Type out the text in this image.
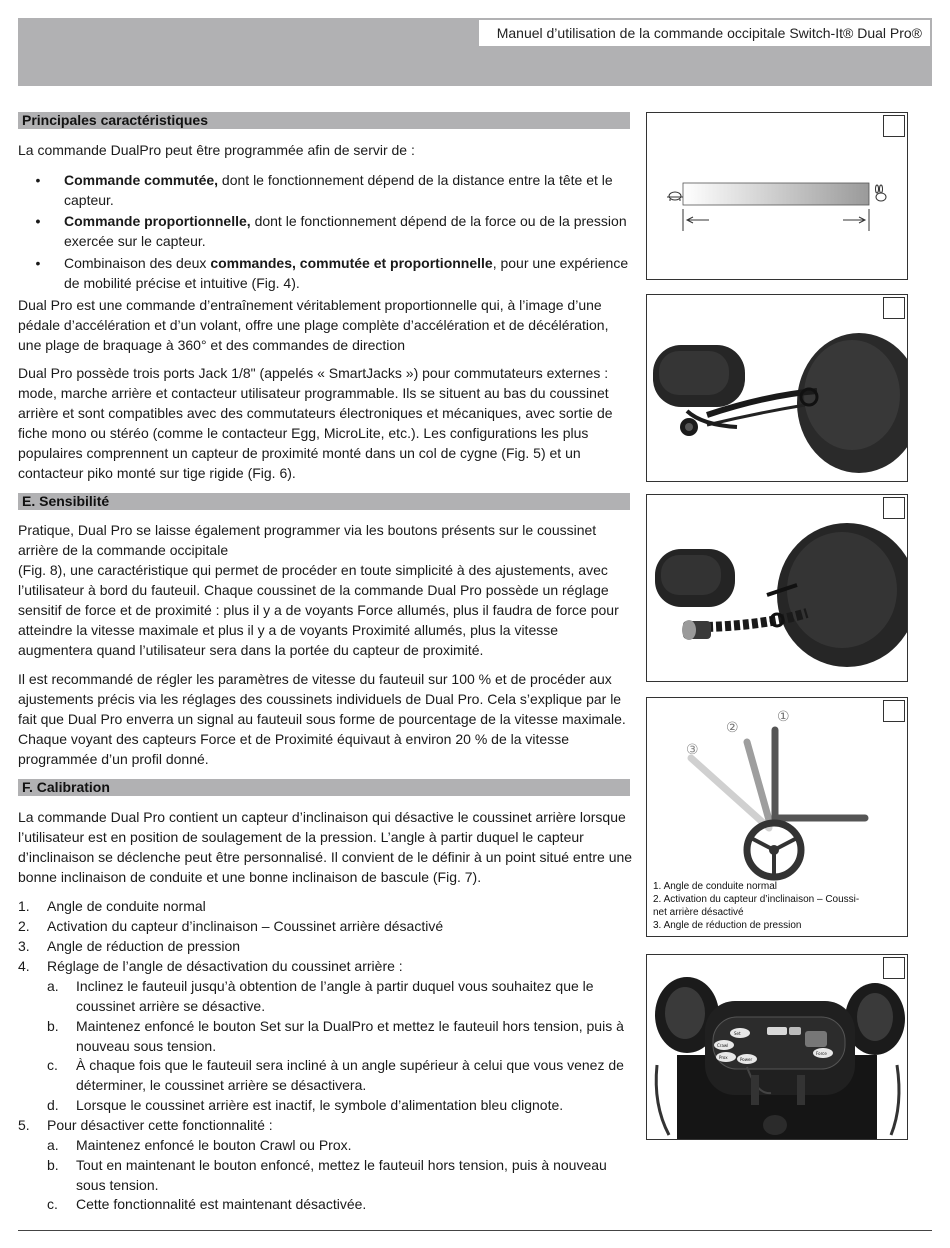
Manuel d’utilisation de la commande occipitale Switch-It® Dual Pro®
Principales caractéristiques

La commande DualPro peut être programmée afin de servir de :

•	Commande commutée, dont le fonctionnement dépend de la distance entre la tête et le capteur.
•	Commande proportionnelle, dont le fonctionnement dépend de la force ou de la pression exercée sur le capteur.
•	Combinaison des deux commandes, commutée et proportionnelle, pour une expérience de mobilité précise et intuitive (Fig. 4).

Dual Pro est une commande d’entraînement véritablement proportionnelle qui, à l’image d’une pédale d’accélération et d’un volant, offre une plage complète d’accélération et de décélération, une plage de braquage à 360° et des commandes de direction

Dual Pro possède trois ports Jack 1/8" (appelés « SmartJacks ») pour commutateurs externes : mode, marche arrière et contacteur utilisateur programmable. Ils se situent au bas du coussinet arrière et sont compatibles avec des commutateurs électroniques et mécaniques, avec sortie de fiche mono ou stéréo (comme le contacteur Egg, MicroLite, etc.). Les configurations les plus populaires comprennent un capteur de proximité monté dans un col de cygne (Fig. 5) et un contacteur piko monté sur tige rigide (Fig. 6).

E. Sensibilité

Pratique, Dual Pro se laisse également programmer via les boutons présents sur le coussinet arrière de la commande occipitale

(Fig. 8), une caractéristique qui permet de procéder en toute simplicité à des ajustements, avec l’utilisateur à bord du fauteuil. Chaque coussinet de la commande Dual Pro possède un réglage sensitif de force et de proximité : plus il y a de voyants Force allumés, plus il faudra de force pour atteindre la vitesse maximale et plus il y a de voyants Proximité allumés, plus la vitesse augmentera quand l’utilisateur sera dans la portée du capteur de proximité.

Il est recommandé de régler les paramètres de vitesse du fauteuil sur 100 % et de procéder aux ajustements précis via les réglages des coussinets individuels de Dual Pro. Cela s’explique par le fait que Dual Pro enverra un signal au fauteuil sous forme de pourcentage de la vitesse maximale. Chaque voyant des capteurs Force et de Proximité équivaut à environ 20 % de la vitesse programmée d’un profil donné.

F. Calibration

La commande Dual Pro contient un capteur d’inclinaison qui désactive le coussinet arrière lorsque l’utilisateur est en position de soulagement de la pression. L’angle à partir duquel le capteur d’inclinaison se déclenche peut être personnalisé. Il convient de le définir à un point situé entre une bonne inclinaison de conduite et une bonne inclinaison de bascule (Fig. 7).

1. Angle de conduite normal
2. Activation du capteur d’inclinaison – Coussinet arrière désactivé
3. Angle de réduction de pression
4. Réglage de l’angle de désactivation du coussinet arrière :
a. Inclinez le fauteuil jusqu’à obtention de l’angle à partir duquel vous souhaitez que le coussinet arrière se désactive.
b. Maintenez enfoncé le bouton Set sur la DualPro et mettez le fauteuil hors tension, puis à nouveau sous tension.
c. À chaque fois que le fauteuil sera incliné à un angle supérieur à celui que vous venez de déterminer, le coussinet arrière se désactivera.
d. Lorsque le coussinet arrière est inactif, le symbole d’alimentation bleu clignote.
5. Pour désactiver cette fonctionnalité :
a. Maintenez enfoncé le bouton Crawl ou Prox.
b. Tout en maintenant le bouton enfoncé, mettez le fauteuil hors tension, puis à nouveau sous tension.
c. Cette fonctionnalité est maintenant désactivée.
①
②
③
1. Angle de conduite normal
2. Activation du capteur d’inclinaison – Coussi-
net arrière désactivé
3. Angle de réduction de pression
Set
Crawl
Prox	Power
Force
